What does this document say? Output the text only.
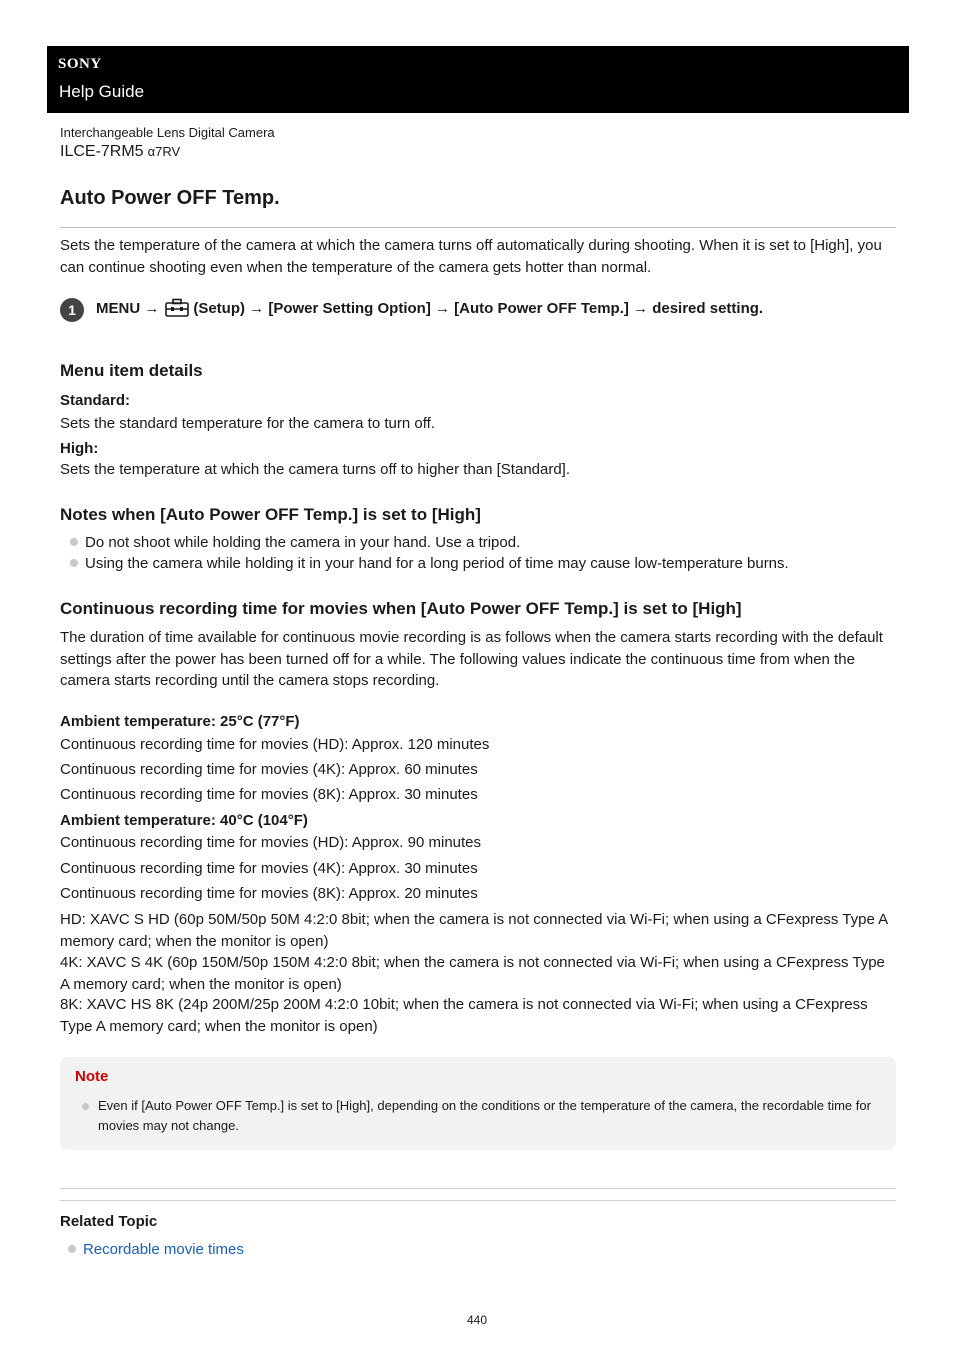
SONY
Help Guide
Interchangeable Lens Digital Camera
ILCE-7RM5 α7RV
Auto Power OFF Temp.

Sets the temperature of the camera at which the camera turns off automatically during shooting. When it is set to [High], you can continue shooting even when the temperature of the camera gets hotter than normal.

1	MENU → (Setup) → [Power Setting Option] → [Auto Power OFF Temp.] → desired setting.
Menu item details
Standard:
Sets the standard temperature for the camera to turn off.
High:
Sets the temperature at which the camera turns off to higher than [Standard].
Notes when [Auto Power OFF Temp.] is set to [High]
Do not shoot while holding the camera in your hand. Use a tripod.
Using the camera while holding it in your hand for a long period of time may cause low-temperature burns.
Continuous recording time for movies when [Auto Power OFF Temp.] is set to [High]

The duration of time available for continuous movie recording is as follows when the camera starts recording with the default settings after the power has been turned off for a while. The following values indicate the continuous time from when the camera starts recording until the camera stops recording.

Ambient temperature: 25°C (77°F)
Continuous recording time for movies (HD): Approx. 120 minutes
Continuous recording time for movies (4K): Approx. 60 minutes
Continuous recording time for movies (8K): Approx. 30 minutes
Ambient temperature: 40°C (104°F)
Continuous recording time for movies (HD): Approx. 90 minutes
Continuous recording time for movies (4K): Approx. 30 minutes
Continuous recording time for movies (8K): Approx. 20 minutes

HD: XAVC S HD (60p 50M/50p 50M 4:2:0 8bit; when the camera is not connected via Wi-Fi; when using a CFexpress Type A memory card; when the monitor is open)

4K: XAVC S 4K (60p 150M/50p 150M 4:2:0 8bit; when the camera is not connected via Wi-Fi; when using a CFexpress Type A memory card; when the monitor is open)

8K: XAVC HS 8K (24p 200M/25p 200M 4:2:0 10bit; when the camera is not connected via Wi-Fi; when using a CFexpress Type A memory card; when the monitor is open)

Note
Even if [Auto Power OFF Temp.] is set to [High], depending on the conditions or the temperature of the camera, the recordable time for movies may not change.
Related Topic
Recordable movie times
440
